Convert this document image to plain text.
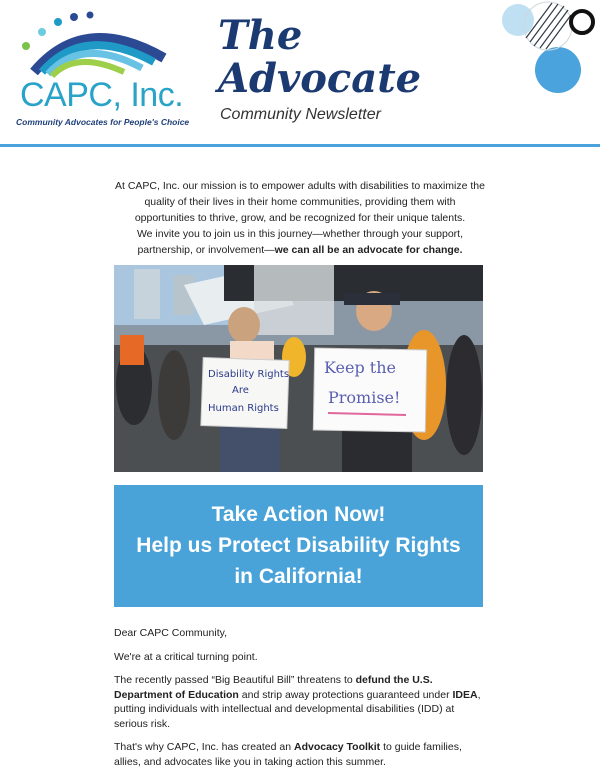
CAPC, Inc.
Community Advocates for People's Choice
The
Advocate
Community Newsletter
At CAPC, Inc. our mission is to empower adults with disabilities to maximize the
quality of their lives in their home communities, providing them with
opportunities to thrive, grow, and be recognized for their unique talents.
We invite you to join us in this journey—whether through your support,
partnership, or involvement—we can all be an advocate for change.
Disability Rights
Are
Human Rights
Keep the
Promise!
Take Action Now!
Help us Protect Disability Rights
in California!

Dear CAPC Community,

We're at a critical turning point.

The recently passed “Big Beautiful Bill” threatens to defund the U.S. Department of Education and strip away protections guaranteed under IDEA, putting individuals with intellectual and developmental disabilities (IDD) at serious risk.

That's why CAPC, Inc. has created an Advocacy Toolkit to guide families, allies, and advocates like you in taking action this summer.
